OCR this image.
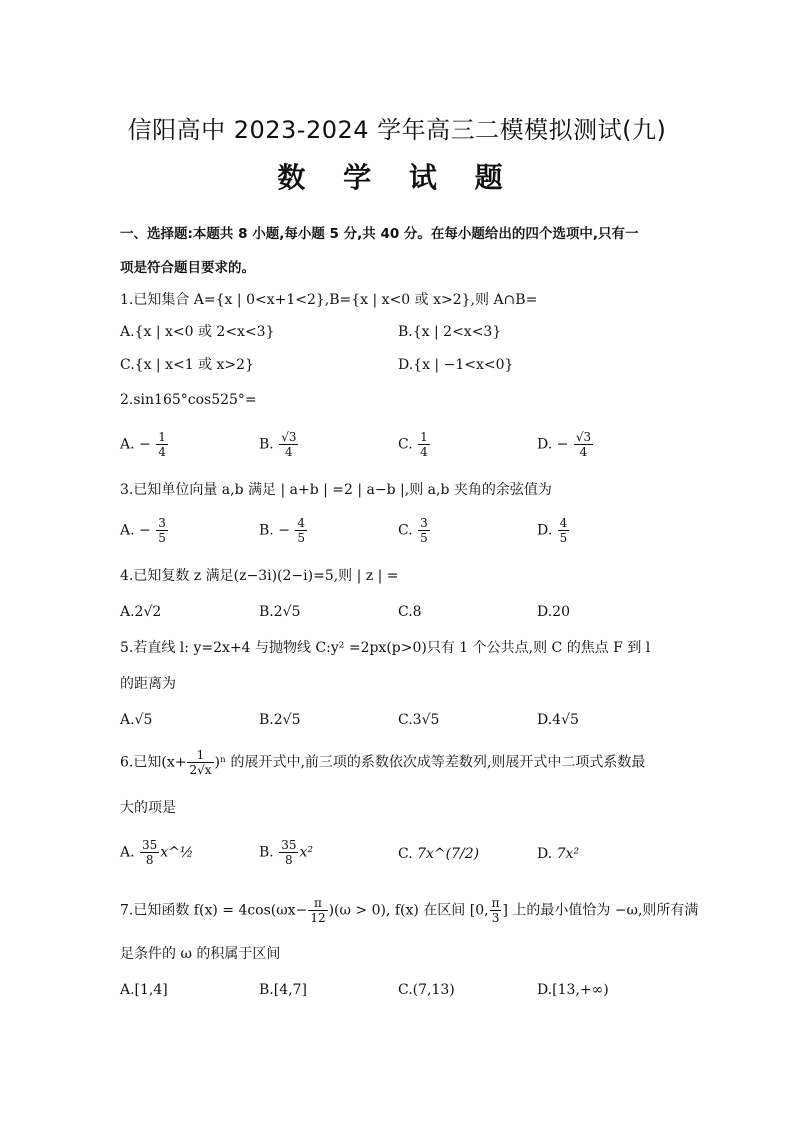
信阳高中 2023-2024 学年高三二模模拟测试(九)
数 学 试 题
一、选择题:本题共 8 小题,每小题 5 分,共 40 分。在每小题给出的四个选项中,只有一
项是符合题目要求的。
1.已知集合 A={x | 0<x+1<2},B={x | x<0 或 x>2},则 A∩B=
A.{x | x<0 或 2<x<3}	B.{x | 2<x<3}
C.{x | x<1 或 x>2}	D.{x | −1<x<0}
2.sin165°cos525°=
A. − $\frac{1}{4}$	B. $\frac{√3}{4}$	C. $\frac{1}{4}$	D. − $\frac{√3}{4}$
3.已知单位向量 a,b 满足 | a+b | =2 | a−b |,则 a,b 夹角的余弦值为
A. − $\frac{3}{5}$	B. − $\frac{4}{5}$	C. $\frac{3}{5}$	D. $\frac{4}{5}$
4.已知复数 z 满足(z−3i)(2−i)=5,则 | z | =
A.2√2	B.2√5	C.8	D.20
5.若直线 l: y=2x+4 与抛物线 C:y² =2px(p>0)只有 1 个公共点,则 C 的焦点 F 到 l
的距离为
A.√5	B.2√5	C.3√5	D.4√5
6.已知$(x+ \frac{1}{2√x} )^n$ 的展开式中,前三项的系数依次成等差数列,则展开式中二项式系数最
大的项是
A. $\frac{35}{8}$ x^½	B. $\frac{35}{8} x^2$	C. 7x^(7/2)	D. 7x²
7.已知函数 $f(x) = 4\cos(\omega x- \frac{\pi}{12} )(\omega > 0)$, f(x) 在区间 [0, $\frac{\pi}{3}$ ] 上的最小值恰为 −ω,则所有满
足条件的 ω 的积属于区间
A.[1,4]	B.[4,7]	C.(7,13)	D.[13,+∞)
